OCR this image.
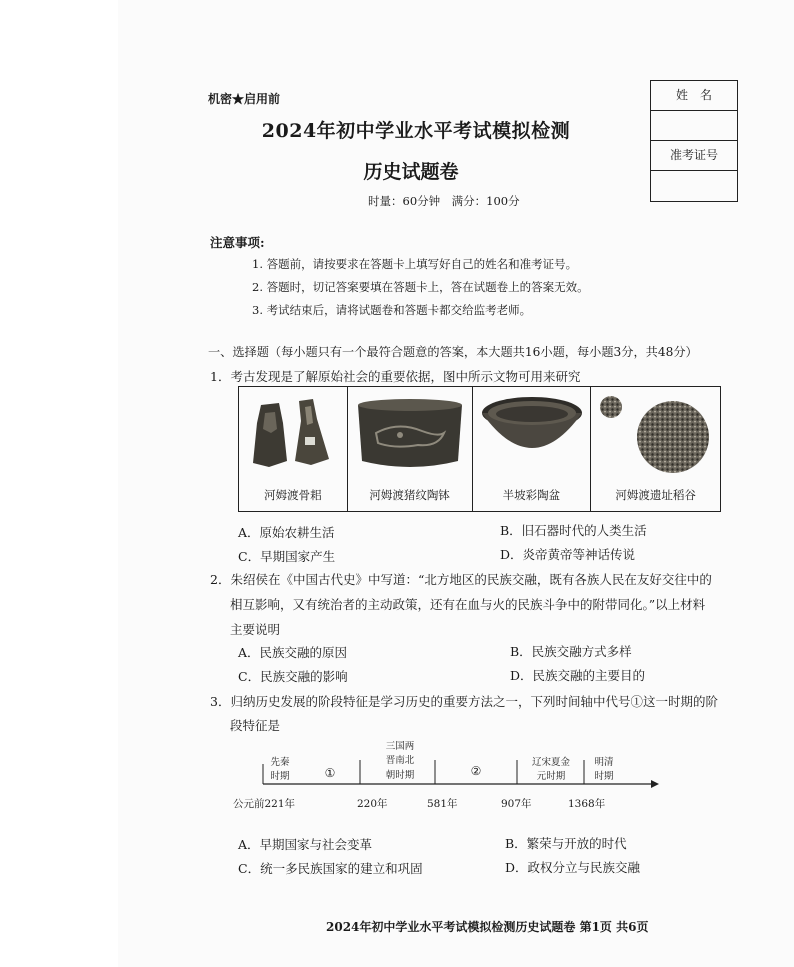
机密★启用前
2024年初中学业水平考试模拟检测
历史试题卷
时量：60分钟　满分：100分
姓　名
准考证号
注意事项:
1. 答题前，请按要求在答题卡上填写好自己的姓名和准考证号。
2. 答题时，切记答案要填在答题卡上，答在试题卷上的答案无效。
3. 考试结束后，请将试题卷和答题卡都交给监考老师。
一、选择题（每小题只有一个最符合题意的答案，本大题共16小题，每小题3分，共48分）
1．考古发现是了解原始社会的重要依据，图中所示文物可用来研究
河姆渡骨耜	河姆渡猪纹陶钵	半坡彩陶盆	河姆渡遗址稻谷
A．原始农耕生活	B．旧石器时代的人类生活
C．早期国家产生	D．炎帝黄帝等神话传说
2．朱绍侯在《中国古代史》中写道：“北方地区的民族交融，既有各族人民在友好交往中的
相互影响，又有统治者的主动政策，还有在血与火的民族斗争中的附带同化。”以上材料
主要说明
A．民族交融的原因	B．民族交融方式多样
C．民族交融的影响	D．民族交融的主要目的
3．归纳历史发展的阶段特征是学习历史的重要方法之一，下列时间轴中代号①这一时期的阶
段特征是
先秦
时期	①
三国两
晋南北
朝时期	②
辽宋夏金
元时期
明清
时期
公元前221年	220年	581年	907年	1368年
A．早期国家与社会变革	B．繁荣与开放的时代
C．统一多民族国家的建立和巩固	D．政权分立与民族交融
2024年初中学业水平考试模拟检测历史试题卷 第1页 共6页
